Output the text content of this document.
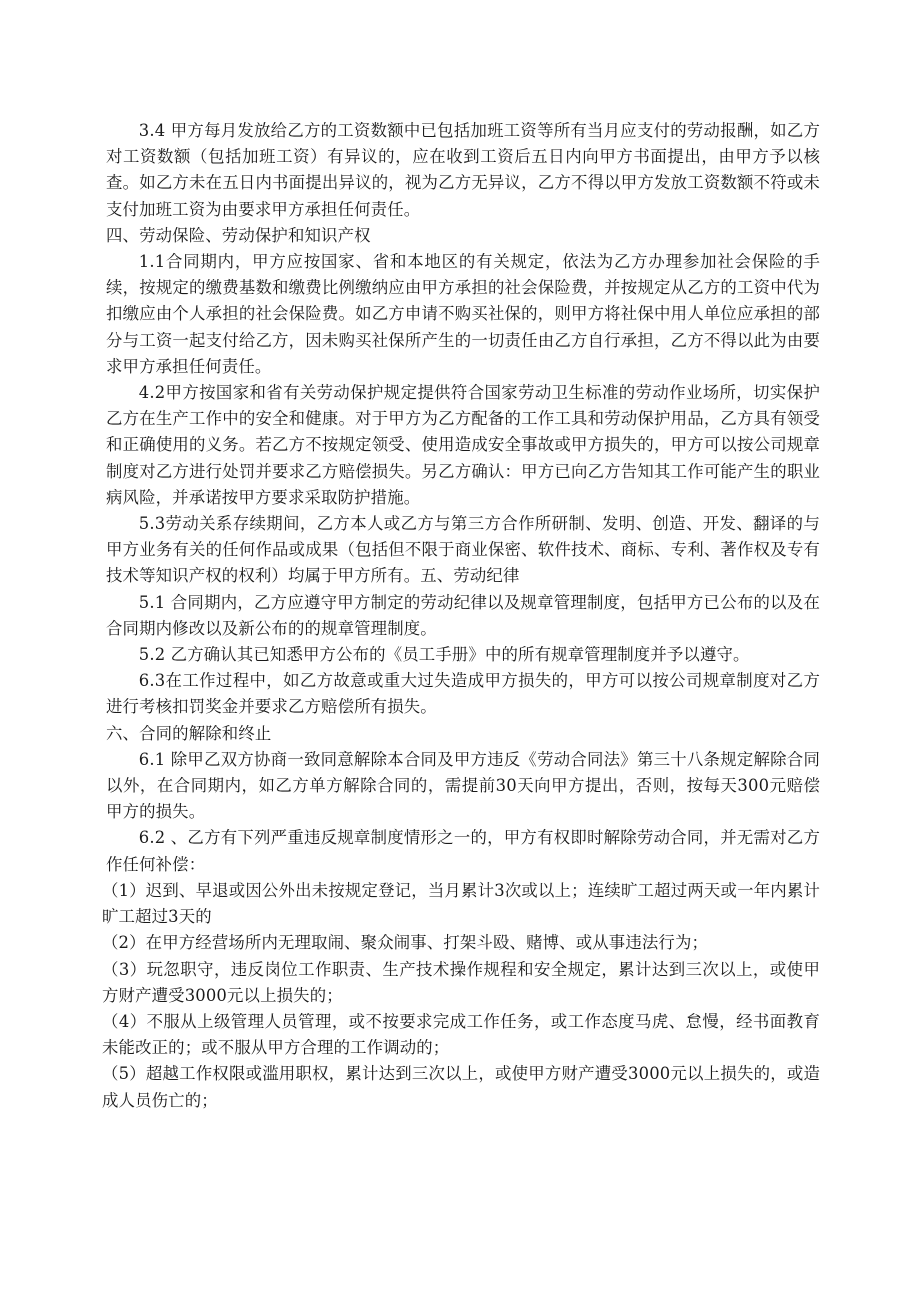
3.4 甲方每月发放给乙方的工资数额中已包括加班工资等所有当月应支付的劳动报酬，如乙方对工资数额（包括加班工资）有异议的，应在收到工资后五日内向甲方书面提出，由甲方予以核查。如乙方未在五日内书面提出异议的，视为乙方无异议，乙方不得以甲方发放工资数额不符或未支付加班工资为由要求甲方承担任何责任。

四、劳动保险、劳动保护和知识产权

1.1合同期内，甲方应按国家、省和本地区的有关规定，依法为乙方办理参加社会保险的手续，按规定的缴费基数和缴费比例缴纳应由甲方承担的社会保险费，并按规定从乙方的工资中代为扣缴应由个人承担的社会保险费。如乙方申请不购买社保的，则甲方将社保中用人单位应承担的部分与工资一起支付给乙方，因未购买社保所产生的一切责任由乙方自行承担，乙方不得以此为由要求甲方承担任何责任。

4.2甲方按国家和省有关劳动保护规定提供符合国家劳动卫生标准的劳动作业场所，切实保护乙方在生产工作中的安全和健康。对于甲方为乙方配备的工作工具和劳动保护用品，乙方具有领受和正确使用的义务。若乙方不按规定领受、使用造成安全事故或甲方损失的，甲方可以按公司规章制度对乙方进行处罚并要求乙方赔偿损失。另乙方确认：甲方已向乙方告知其工作可能产生的职业病风险，并承诺按甲方要求采取防护措施。

5.3劳动关系存续期间，乙方本人或乙方与第三方合作所研制、发明、创造、开发、翻译的与甲方业务有关的任何作品或成果（包括但不限于商业保密、软件技术、商标、专利、著作权及专有技术等知识产权的权利）均属于甲方所有。五、劳动纪律

5.1 合同期内，乙方应遵守甲方制定的劳动纪律以及规章管理制度，包括甲方已公布的以及在合同期内修改以及新公布的的规章管理制度。

5.2 乙方确认其已知悉甲方公布的《员工手册》中的所有规章管理制度并予以遵守。

6.3在工作过程中，如乙方故意或重大过失造成甲方损失的，甲方可以按公司规章制度对乙方进行考核扣罚奖金并要求乙方赔偿所有损失。

六、合同的解除和终止

6.1 除甲乙双方协商一致同意解除本合同及甲方违反《劳动合同法》第三十八条规定解除合同以外，在合同期内，如乙方单方解除合同的，需提前30天向甲方提出，否则，按每天300元赔偿甲方的损失。

6.2 、乙方有下列严重违反规章制度情形之一的，甲方有权即时解除劳动合同，并无需对乙方作任何补偿：

（1）迟到、早退或因公外出未按规定登记，当月累计3次或以上；连续旷工超过两天或一年内累计旷工超过3天的

（2）在甲方经营场所内无理取闹、聚众闹事、打架斗殴、赌博、或从事违法行为；

（3）玩忽职守，违反岗位工作职责、生产技术操作规程和安全规定，累计达到三次以上，或使甲方财产遭受3000元以上损失的；

（4）不服从上级管理人员管理，或不按要求完成工作任务，或工作态度马虎、怠慢，经书面教育未能改正的；或不服从甲方合理的工作调动的；

（5）超越工作权限或滥用职权，累计达到三次以上，或使甲方财产遭受3000元以上损失的，或造成人员伤亡的；
